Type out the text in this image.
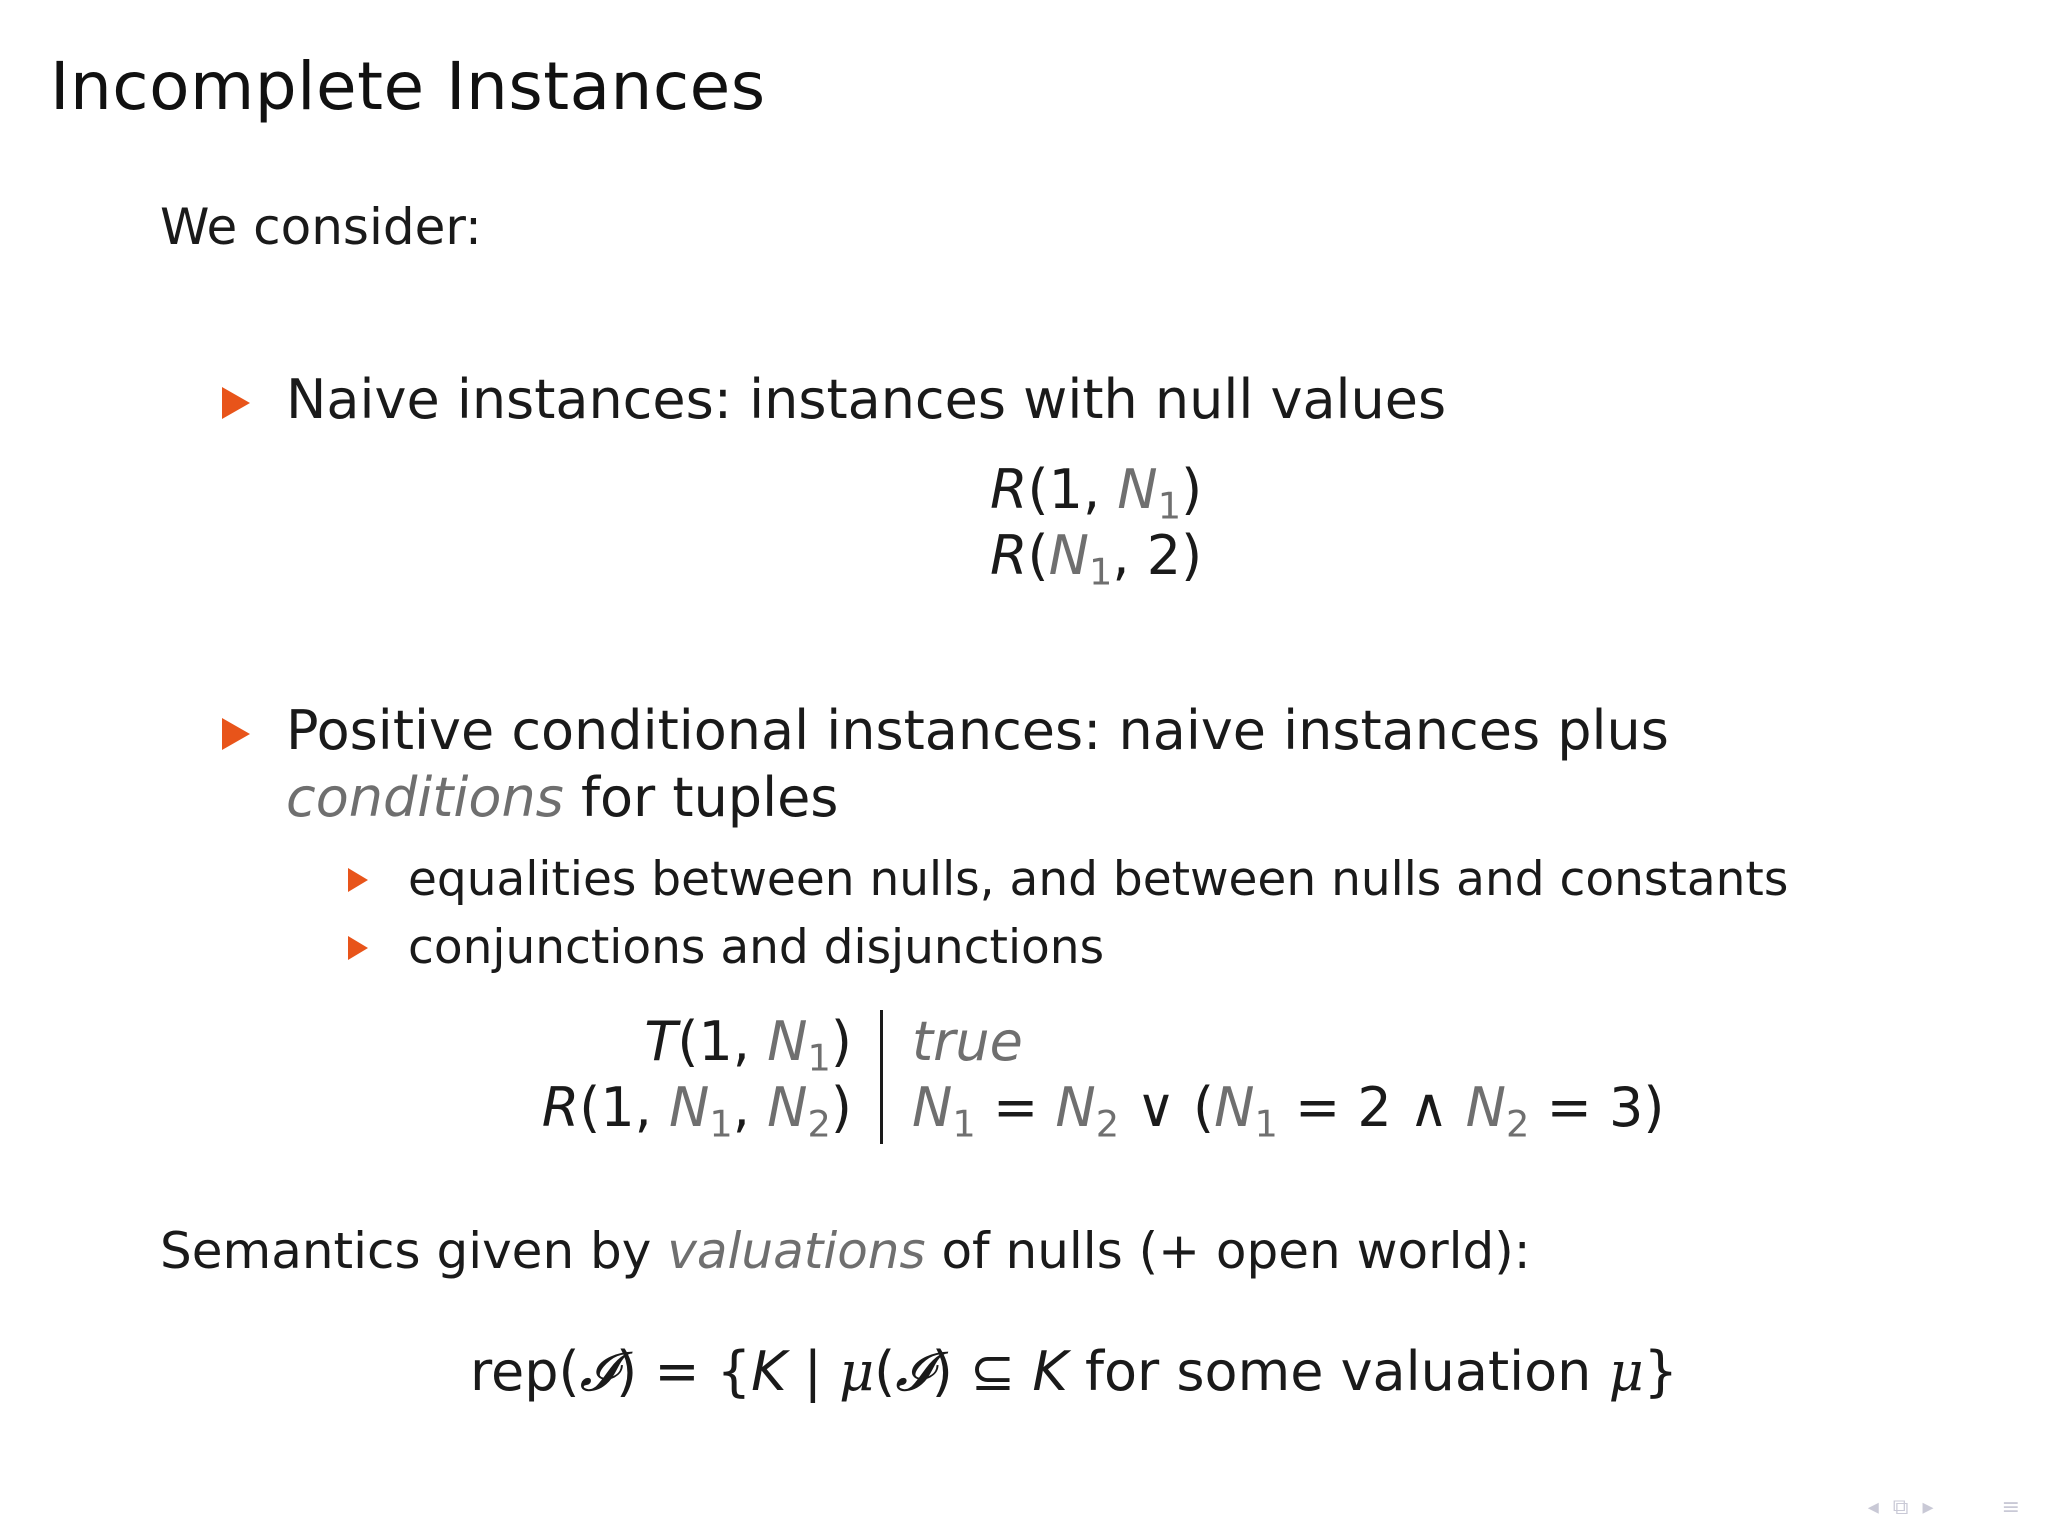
Incomplete Instances
We consider:
Naive instances: instances with null values
R(1, $N_1$)
$R(N_1$, 2)
Positive conditional instances: naive instances plus
conditions for tuples
equalities between nulls, and between nulls and constants
conjunctions and disjunctions
T(1, $N_1$)
R(1, $N_1$, $N_2$)
true
$N_1 = N_2$ ∨ ($N_1 = 2$ ∧ $N_2 = 3$)
Semantics given by valuations of nulls (+ open world):
rep(𝓘) = {K | μ(𝓘) ⊆ K for some valuation μ}
◂ ⧉ ▸	≡
